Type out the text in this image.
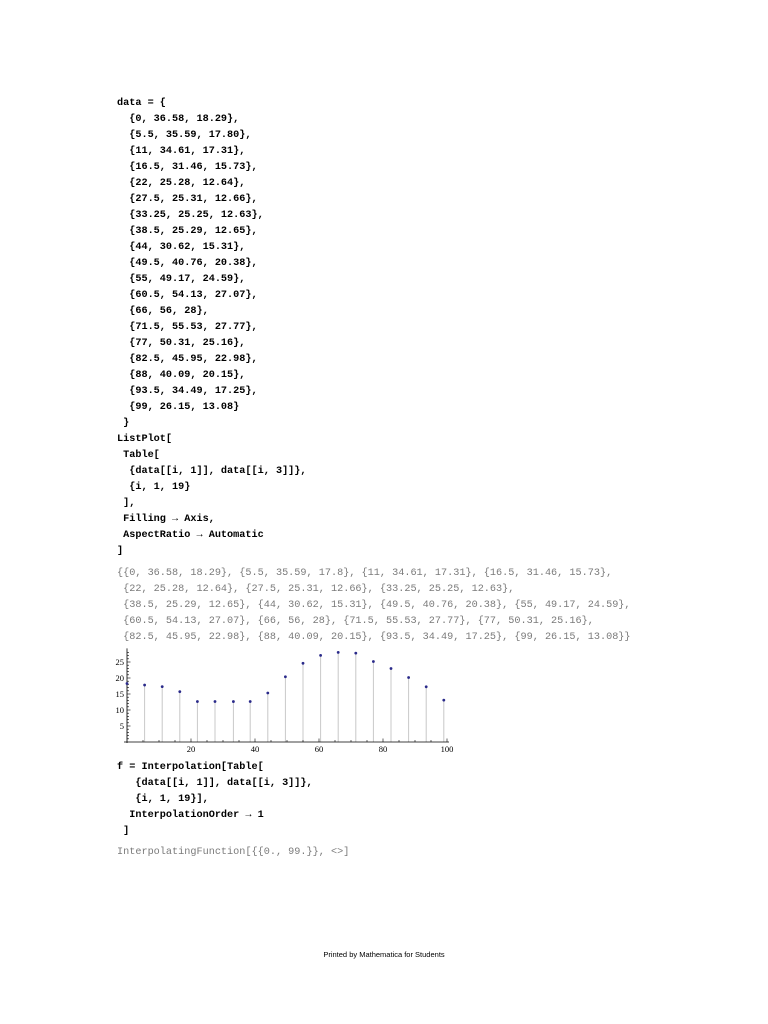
data = {
{0, 36.58, 18.29},
{5.5, 35.59, 17.80},
{11, 34.61, 17.31},
{16.5, 31.46, 15.73},
{22, 25.28, 12.64},
{27.5, 25.31, 12.66},
{33.25, 25.25, 12.63},
{38.5, 25.29, 12.65},
{44, 30.62, 15.31},
{49.5, 40.76, 20.38},
{55, 49.17, 24.59},
{60.5, 54.13, 27.07},
{66, 56, 28},
{71.5, 55.53, 27.77},
{77, 50.31, 25.16},
{82.5, 45.95, 22.98},
{88, 40.09, 20.15},
{93.5, 34.49, 17.25},
{99, 26.15, 13.08}
}
ListPlot[
Table[
{data[[i, 1]], data[[i, 3]]},
{i, 1, 19}
],
Filling → Axis,
AspectRatio → Automatic
]
{{0, 36.58, 18.29}, {5.5, 35.59, 17.8}, {11, 34.61, 17.31}, {16.5, 31.46, 15.73},
{22, 25.28, 12.64}, {27.5, 25.31, 12.66}, {33.25, 25.25, 12.63},
{38.5, 25.29, 12.65}, {44, 30.62, 15.31}, {49.5, 40.76, 20.38}, {55, 49.17, 24.59},
{60.5, 54.13, 27.07}, {66, 56, 28}, {71.5, 55.53, 27.77}, {77, 50.31, 25.16},
{82.5, 45.95, 22.98}, {88, 40.09, 20.15}, {93.5, 34.49, 17.25}, {99, 26.15, 13.08}}
20	40	60	80	100
5
10
15
20
25
f = Interpolation[Table[
{data[[i, 1]], data[[i, 3]]},
{i, 1, 19}],
InterpolationOrder → 1
]
InterpolatingFunction[{{0., 99.}}, <>]
Printed by Mathematica for Students
